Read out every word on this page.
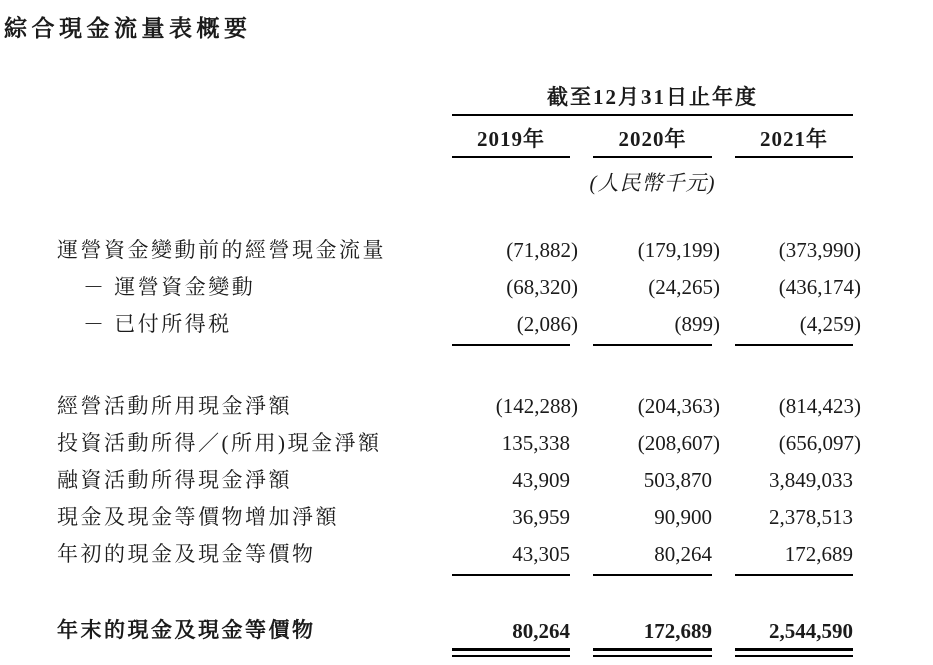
綜合現金流量表概要
截至12月31日止年度
2019年	2020年	2021年
(人民幣千元)
運營資金變動前的經營現金流量	(71,882)	(179,199)	(373,990)
－ 運營資金變動	(68,320)	(24,265)	(436,174)
－ 已付所得税	(2,086)	(899)	(4,259)
經營活動所用現金淨額	(142,288)	(204,363)	(814,423)
投資活動所得／(所用)現金淨額	135,338	(208,607)	(656,097)
融資活動所得現金淨額	43,909	503,870	3,849,033
現金及現金等價物增加淨額	36,959	90,900	2,378,513
年初的現金及現金等價物	43,305	80,264	172,689
年末的現金及現金等價物	80,264	172,689	2,544,590
